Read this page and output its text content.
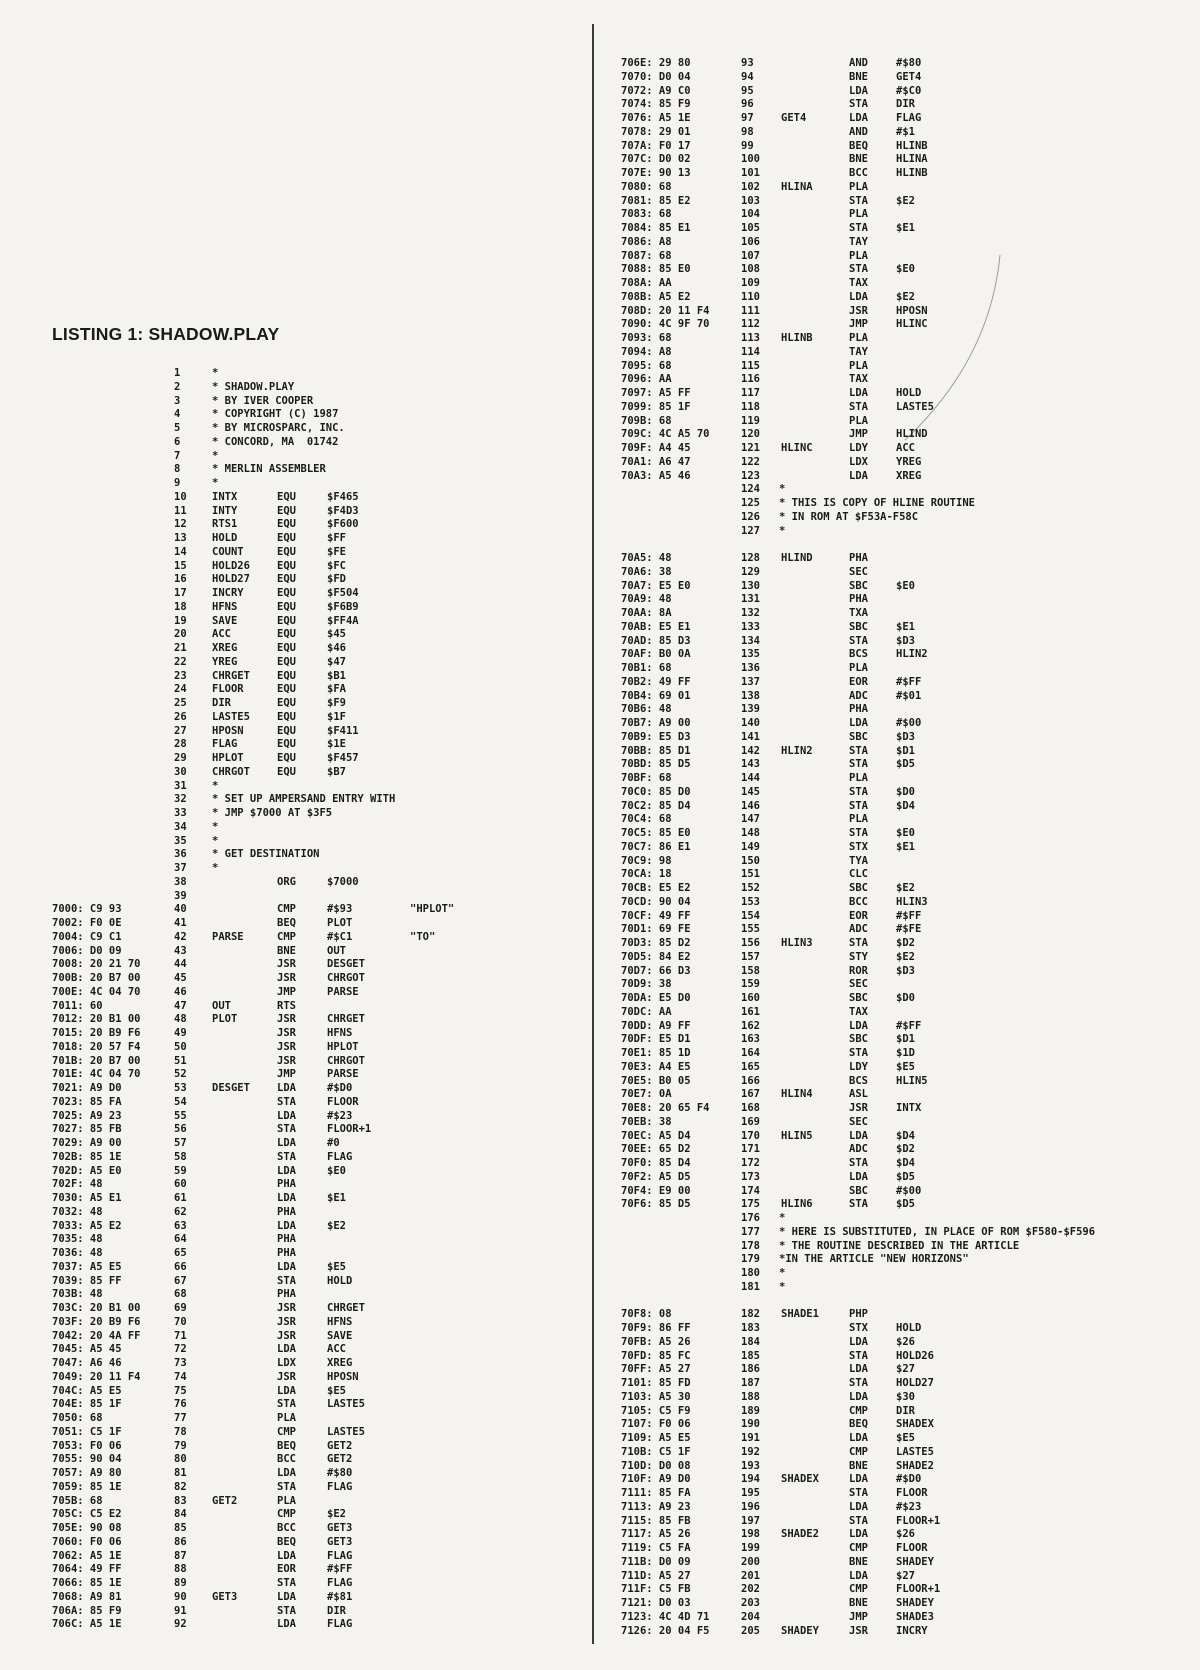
LISTING 1: SHADOW.PLAY
1	*
2	* SHADOW.PLAY
3	* BY IVER COOPER
4	* COPYRIGHT (C) 1987
5	* BY MICROSPARC, INC.
6	* CONCORD, MA  01742
7	*
8	* MERLIN ASSEMBLER
9	*
10 INTX	EQU	$F465
11 INTY	EQU	$F4D3
12 RTS1	EQU	$F600
13 HOLD	EQU	$FF
14 COUNT	EQU	$FE
15 HOLD26	EQU	$FC
16 HOLD27	EQU	$FD
17 INCRY	EQU	$F504
18 HFNS	EQU	$F6B9
19 SAVE	EQU	$FF4A
20 ACC	EQU	$45
21 XREG	EQU	$46
22 YREG	EQU	$47
23 CHRGET	EQU	$B1
24 FLOOR	EQU	$FA
25 DIR	EQU	$F9
26 LASTE5	EQU	$1F
27 HPOSN	EQU	$F411
28 FLAG	EQU	$1E
29 HPLOT	EQU	$F457
30 CHRGOT	EQU	$B7
31 *
32 * SET UP AMPERSAND ENTRY WITH
33 * JMP $7000 AT $3F5
34 *
35 *
36 * GET DESTINATION
37 *
38	ORG	$7000
39
7000: C9 93	40	CMP	#$93	"HPLOT"
7002: F0 0E	41	BEQ	PLOT
7004: C9 C1	42 PARSE	CMP	#$C1	"TO"
7006: D0 09	43	BNE	OUT
7008: 20 21 70	44	JSR	DESGET
700B: 20 B7 00	45	JSR	CHRGOT
700E: 4C 04 70	46	JMP	PARSE
7011: 60	47 OUT	RTS
7012: 20 B1 00	48 PLOT	JSR	CHRGET
7015: 20 B9 F6	49	JSR	HFNS
7018: 20 57 F4	50	JSR	HPLOT
701B: 20 B7 00	51	JSR	CHRGOT
701E: 4C 04 70	52	JMP	PARSE
7021: A9 D0	53 DESGET	LDA	#$D0
7023: 85 FA	54	STA	FLOOR
7025: A9 23	55	LDA	#$23
7027: 85 FB	56	STA	FLOOR+1
7029: A9 00	57	LDA	#0
702B: 85 1E	58	STA	FLAG
702D: A5 E0	59	LDA	$E0
702F: 48	60	PHA
7030: A5 E1	61	LDA	$E1
7032: 48	62	PHA
7033: A5 E2	63	LDA	$E2
7035: 48	64	PHA
7036: 48	65	PHA
7037: A5 E5	66	LDA	$E5
7039: 85 FF	67	STA	HOLD
703B: 48	68	PHA
703C: 20 B1 00	69	JSR	CHRGET
703F: 20 B9 F6	70	JSR	HFNS
7042: 20 4A FF	71	JSR	SAVE
7045: A5 45	72	LDA	ACC
7047: A6 46	73	LDX	XREG
7049: 20 11 F4	74	JSR	HPOSN
704C: A5 E5	75	LDA	$E5
704E: 85 1F	76	STA	LASTE5
7050: 68	77	PLA
7051: C5 1F	78	CMP	LASTE5
7053: F0 06	79	BEQ	GET2
7055: 90 04	80	BCC	GET2
7057: A9 80	81	LDA	#$80
7059: 85 1E	82	STA	FLAG
705B: 68	83 GET2	PLA
705C: C5 E2	84	CMP	$E2
705E: 90 08	85	BCC	GET3
7060: F0 06	86	BEQ	GET3
7062: A5 1E	87	LDA	FLAG
7064: 49 FF	88	EOR	#$FF
7066: 85 1E	89	STA	FLAG
7068: A9 81	90 GET3	LDA	#$81
706A: 85 F9	91	STA	DIR
706C: A5 1E	92	LDA	FLAG
706E: 29 80	93	AND	#$80
7070: D0 04	94	BNE	GET4
7072: A9 C0	95	LDA	#$C0
7074: 85 F9	96	STA	DIR
7076: A5 1E	97	GET4	LDA	FLAG
7078: 29 01	98	AND	#$1
707A: F0 17	99	BEQ	HLINB
707C: D0 02	100	BNE	HLINA
707E: 90 13	101	BCC	HLINB
7080: 68	102 HLINA	PLA
7081: 85 E2	103	STA	$E2
7083: 68	104	PLA
7084: 85 E1	105	STA	$E1
7086: A8	106	TAY
7087: 68	107	PLA
7088: 85 E0	108	STA	$E0
708A: AA	109	TAX
708B: A5 E2	110	LDA	$E2
708D: 20 11 F4	111	JSR	HPOSN
7090: 4C 9F 70	112	JMP	HLINC
7093: 68	113 HLINB	PLA
7094: A8	114	TAY
7095: 68	115	PLA
7096: AA	116	TAX
7097: A5 FF	117	LDA	HOLD
7099: 85 1F	118	STA	LASTE5
709B: 68	119	PLA
709C: 4C A5 70	120	JMP	HLIND
709F: A4 45	121 HLINC	LDY	ACC
70A1: A6 47	122	LDX	YREG
70A3: A5 46	123	LDA	XREG
124 *
125 * THIS IS COPY OF HLINE ROUTINE
126 * IN ROM AT $F53A-F58C
127 *
70A5: 48	128 HLIND	PHA
70A6: 38	129	SEC
70A7: E5 E0	130	SBC	$E0
70A9: 48	131	PHA
70AA: 8A	132	TXA
70AB: E5 E1	133	SBC	$E1
70AD: 85 D3	134	STA	$D3
70AF: B0 0A	135	BCS	HLIN2
70B1: 68	136	PLA
70B2: 49 FF	137	EOR	#$FF
70B4: 69 01	138	ADC	#$01
70B6: 48	139	PHA
70B7: A9 00	140	LDA	#$00
70B9: E5 D3	141	SBC	$D3
70BB: 85 D1	142 HLIN2	STA	$D1
70BD: 85 D5	143	STA	$D5
70BF: 68	144	PLA
70C0: 85 D0	145	STA	$D0
70C2: 85 D4	146	STA	$D4
70C4: 68	147	PLA
70C5: 85 E0	148	STA	$E0
70C7: 86 E1	149	STX	$E1
70C9: 98	150	TYA
70CA: 18	151	CLC
70CB: E5 E2	152	SBC	$E2
70CD: 90 04	153	BCC	HLIN3
70CF: 49 FF	154	EOR	#$FF
70D1: 69 FE	155	ADC	#$FE
70D3: 85 D2	156 HLIN3	STA	$D2
70D5: 84 E2	157	STY	$E2
70D7: 66 D3	158	ROR	$D3
70D9: 38	159	SEC
70DA: E5 D0	160	SBC	$D0
70DC: AA	161	TAX
70DD: A9 FF	162	LDA	#$FF
70DF: E5 D1	163	SBC	$D1
70E1: 85 1D	164	STA	$1D
70E3: A4 E5	165	LDY	$E5
70E5: B0 05	166	BCS	HLIN5
70E7: 0A	167 HLIN4	ASL
70E8: 20 65 F4	168	JSR	INTX
70EB: 38	169	SEC
70EC: A5 D4	170 HLIN5	LDA	$D4
70EE: 65 D2	171	ADC	$D2
70F0: 85 D4	172	STA	$D4
70F2: A5 D5	173	LDA	$D5
70F4: E9 00	174	SBC	#$00
70F6: 85 D5	175 HLIN6	STA	$D5
176 *
177 * HERE IS SUBSTITUTED, IN PLACE OF ROM $F580-$F596
178 * THE ROUTINE DESCRIBED IN THE ARTICLE
179 *IN THE ARTICLE "NEW HORIZONS"
180 *
181 *
70F8: 08	182 SHADE1	PHP
70F9: 86 FF	183	STX	HOLD
70FB: A5 26	184	LDA	$26
70FD: 85 FC	185	STA	HOLD26
70FF: A5 27	186	LDA	$27
7101: 85 FD	187	STA	HOLD27
7103: A5 30	188	LDA	$30
7105: C5 F9	189	CMP	DIR
7107: F0 06	190	BEQ	SHADEX
7109: A5 E5	191	LDA	$E5
710B: C5 1F	192	CMP	LASTE5
710D: D0 08	193	BNE	SHADE2
710F: A9 D0	194 SHADEX	LDA	#$D0
7111: 85 FA	195	STA	FLOOR
7113: A9 23	196	LDA	#$23
7115: 85 FB	197	STA	FLOOR+1
7117: A5 26	198 SHADE2	LDA	$26
7119: C5 FA	199	CMP	FLOOR
711B: D0 09	200	BNE	SHADEY
711D: A5 27	201	LDA	$27
711F: C5 FB	202	CMP	FLOOR+1
7121: D0 03	203	BNE	SHADEY
7123: 4C 4D 71	204	JMP	SHADE3
7126: 20 04 F5	205 SHADEY	JSR	INCRY
